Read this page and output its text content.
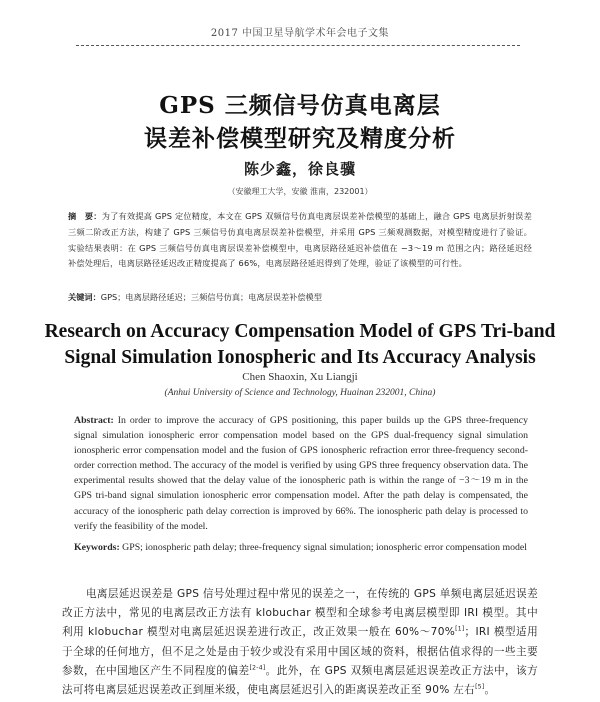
2017 中国卫星导航学术年会电子文集
GPS 三频信号仿真电离层
误差补偿模型研究及精度分析
陈少鑫，徐良骥
（安徽理工大学，安徽 淮南，232001）
摘　要：为了有效提高 GPS 定位精度，本文在 GPS 双频信号仿真电离层误差补偿模型的基础上，融合 GPS 电离层折射误差三频二阶改正方法，构建了 GPS 三频信号仿真电离层误差补偿模型，并采用 GPS 三频观测数据，对模型精度进行了验证。实验结果表明：在 GPS 三频信号仿真电离层误差补偿模型中，电离层路径延迟补偿值在 −3～19 m 范围之内；路径延迟经补偿处理后，电离层路径延迟改正精度提高了 66%，电离层路径延迟得到了处理，验证了该模型的可行性。
关键词：GPS；电离层路径延迟；三频信号仿真；电离层误差补偿模型
Research on Accuracy Compensation Model of GPS Tri-band
Signal Simulation Ionospheric and Its Accuracy Analysis
Chen Shaoxin, Xu Liangji
(Anhui University of Science and Technology, Huainan 232001, China)
Abstract: In order to improve the accuracy of GPS positioning, this paper builds up the GPS three-frequency signal simulation ionospheric error compensation model based on the GPS dual-frequency signal simulation ionospheric error compensation model and the fusion of GPS ionospheric refraction error three-frequency second-order correction method. The accuracy of the model is verified by using GPS three frequency observation data. The experimental results showed that the delay value of the ionospheric path is within the range of −3～19 m in the GPS tri-band signal simulation ionospheric error compensation model. After the path delay is compensated, the accuracy of the ionospheric path delay correction is improved by 66%. The ionospheric path delay is processed to verify the feasibility of the model.
Keywords: GPS; ionospheric path delay; three-frequency signal simulation; ionospheric error compensation model
电离层延迟误差是 GPS 信号处理过程中常见的误差之一，在传统的 GPS 单频电离层延迟误差改正方法中，常见的电离层改正方法有 klobuchar 模型和全球参考电离层模型即 IRI 模型。其中利用 klobuchar 模型对电离层延迟误差进行改正，改正效果一般在 60%～70%[1]；IRI 模型适用于全球的任何地方，但不足之处是由于较少或没有采用中国区域的资料，根据估值求得的一些主要参数，在中国地区产生不同程度的偏差[2-4]。此外，在 GPS 双频电离层延迟误差改正方法中，该方法可将电离层延迟误差改正到厘米级，使电离层延迟引入的距离误差改正至 90% 左右[5]。
